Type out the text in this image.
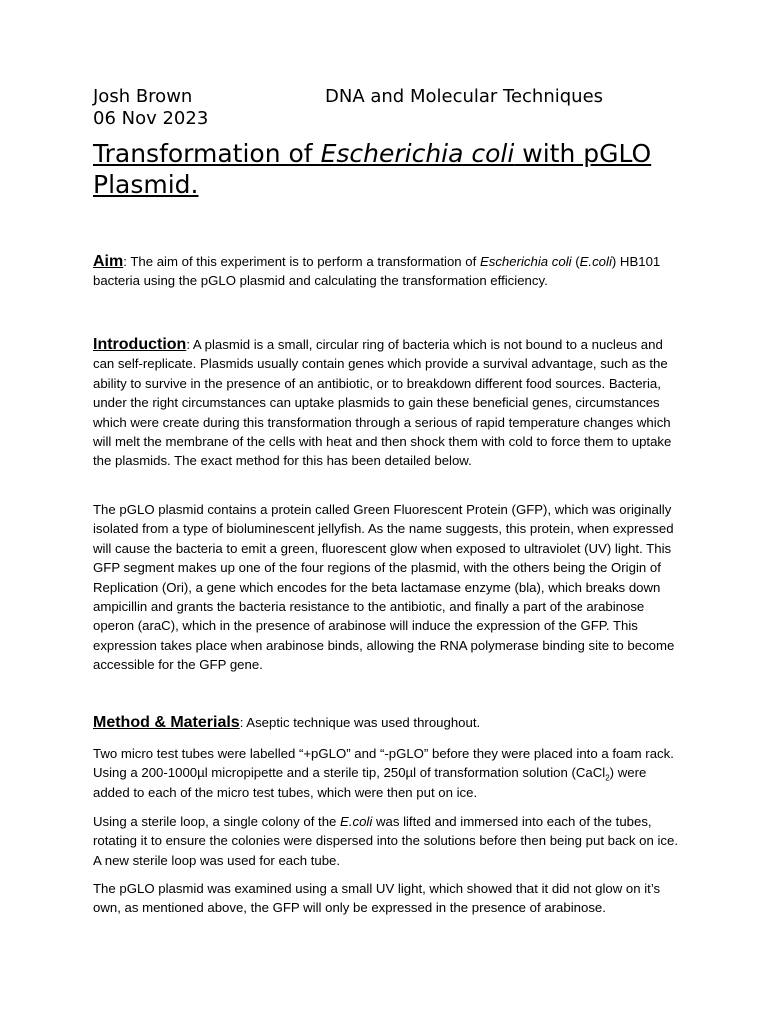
Josh Brown	DNA and Molecular Techniques
06 Nov 2023
Transformation of Escherichia coli with pGLO Plasmid.
Aim: The aim of this experiment is to perform a transformation of Escherichia coli (E.coli) HB101 bacteria using the pGLO plasmid and calculating the transformation efficiency.
Introduction: A plasmid is a small, circular ring of bacteria which is not bound to a nucleus and can self-replicate. Plasmids usually contain genes which provide a survival advantage, such as the ability to survive in the presence of an antibiotic, or to breakdown different food sources. Bacteria, under the right circumstances can uptake plasmids to gain these beneficial genes, circumstances which were create during this transformation through a serious of rapid temperature changes which will melt the membrane of the cells with heat and then shock them with cold to force them to uptake the plasmids. The exact method for this has been detailed below.
The pGLO plasmid contains a protein called Green Fluorescent Protein (GFP), which was originally isolated from a type of bioluminescent jellyfish. As the name suggests, this protein, when expressed will cause the bacteria to emit a green, fluorescent glow when exposed to ultraviolet (UV) light. This GFP segment makes up one of the four regions of the plasmid, with the others being the Origin of Replication (Ori), a gene which encodes for the beta lactamase enzyme (bla), which breaks down ampicillin and grants the bacteria resistance to the antibiotic, and finally a part of the arabinose operon (araC), which in the presence of arabinose will induce the expression of the GFP. This expression takes place when arabinose binds, allowing the RNA polymerase binding site to become accessible for the GFP gene.
Method & Materials: Aseptic technique was used throughout.
Two micro test tubes were labelled “+pGLO” and “-pGLO” before they were placed into a foam rack. Using a 200-1000µl micropipette and a sterile tip, 250µl of transformation solution (CaCl$_2$) were added to each of the micro test tubes, which were then put on ice.
Using a sterile loop, a single colony of the E.coli was lifted and immersed into each of the tubes, rotating it to ensure the colonies were dispersed into the solutions before then being put back on ice. A new sterile loop was used for each tube.
The pGLO plasmid was examined using a small UV light, which showed that it did not glow on it’s own, as mentioned above, the GFP will only be expressed in the presence of arabinose.
